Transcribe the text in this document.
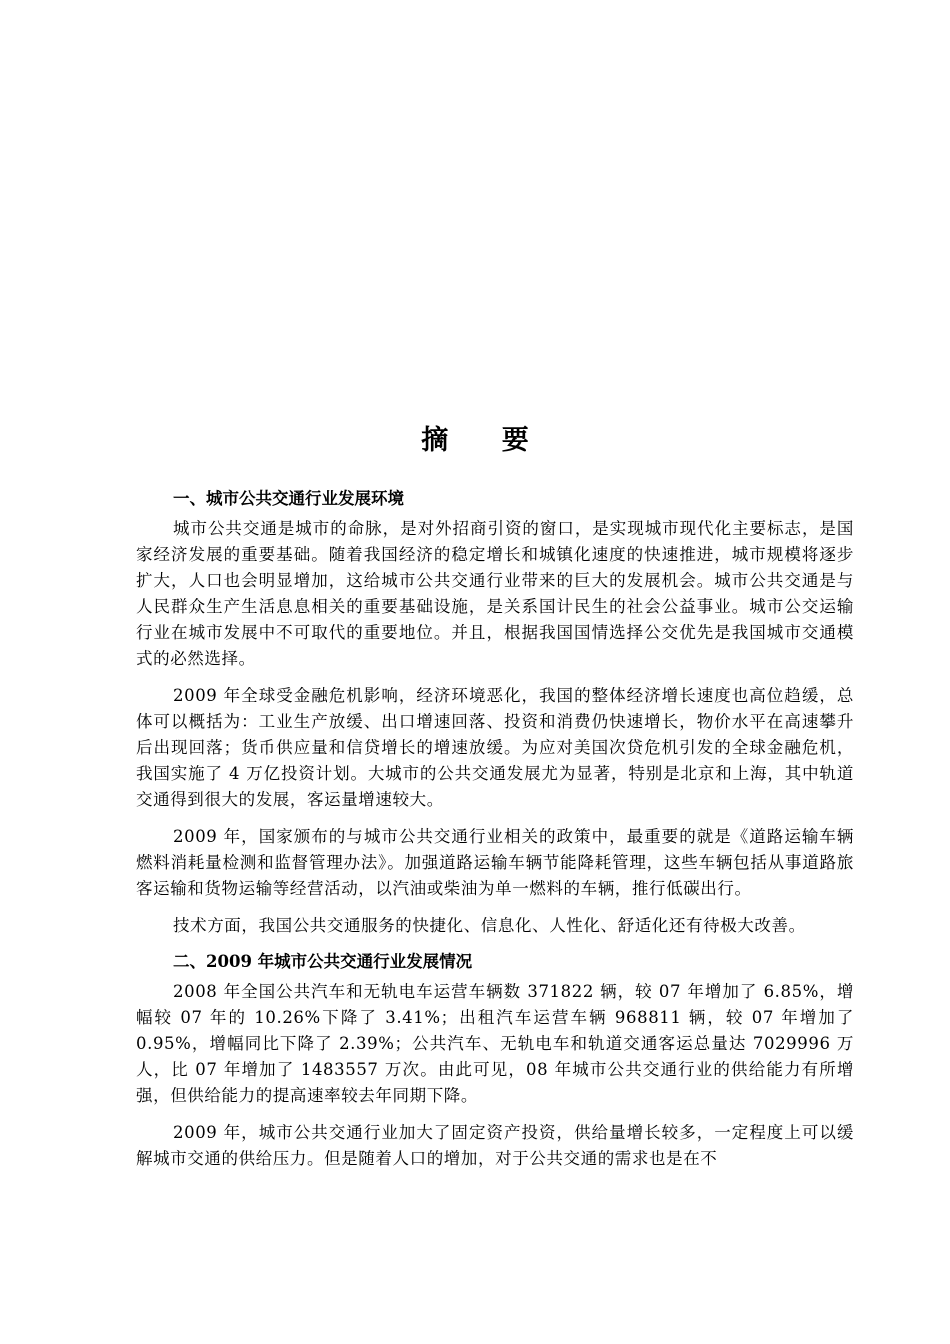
摘 要
一、城市公共交通行业发展环境

城市公共交通是城市的命脉，是对外招商引资的窗口，是实现城市现代化主要标志，是国家经济发展的重要基础。随着我国经济的稳定增长和城镇化速度的快速推进，城市规模将逐步扩大，人口也会明显增加，这给城市公共交通行业带来的巨大的发展机会。城市公共交通是与人民群众生产生活息息相关的重要基础设施，是关系国计民生的社会公益事业。城市公交运输行业在城市发展中不可取代的重要地位。并且，根据我国国情选择公交优先是我国城市交通模式的必然选择。

2009 年全球受金融危机影响，经济环境恶化，我国的整体经济增长速度也高位趋缓，总体可以概括为：工业生产放缓、出口增速回落、投资和消费仍快速增长，物价水平在高速攀升后出现回落；货币供应量和信贷增长的增速放缓。为应对美国次贷危机引发的全球金融危机，我国实施了 4 万亿投资计划。大城市的公共交通发展尤为显著，特别是北京和上海，其中轨道交通得到很大的发展，客运量增速较大。

2009 年，国家颁布的与城市公共交通行业相关的政策中，最重要的就是《道路运输车辆燃料消耗量检测和监督管理办法》。加强道路运输车辆节能降耗管理，这些车辆包括从事道路旅客运输和货物运输等经营活动，以汽油或柴油为单一燃料的车辆，推行低碳出行。

技术方面，我国公共交通服务的快捷化、信息化、人性化、舒适化还有待极大改善。

二、2009 年城市公共交通行业发展情况

2008 年全国公共汽车和无轨电车运营车辆数 371822 辆，较 07 年增加了 6.85%，增幅较 07 年的 10.26%下降了 3.41%；出租汽车运营车辆 968811 辆，较 07 年增加了 0.95%，增幅同比下降了 2.39%；公共汽车、无轨电车和轨道交通客运总量达 7029996 万人，比 07 年增加了 1483557 万次。由此可见，08 年城市公共交通行业的供给能力有所增强，但供给能力的提高速率较去年同期下降。

2009 年，城市公共交通行业加大了固定资产投资，供给量增长较多，一定程度上可以缓解城市交通的供给压力。但是随着人口的增加，对于公共交通的需求也是在不
